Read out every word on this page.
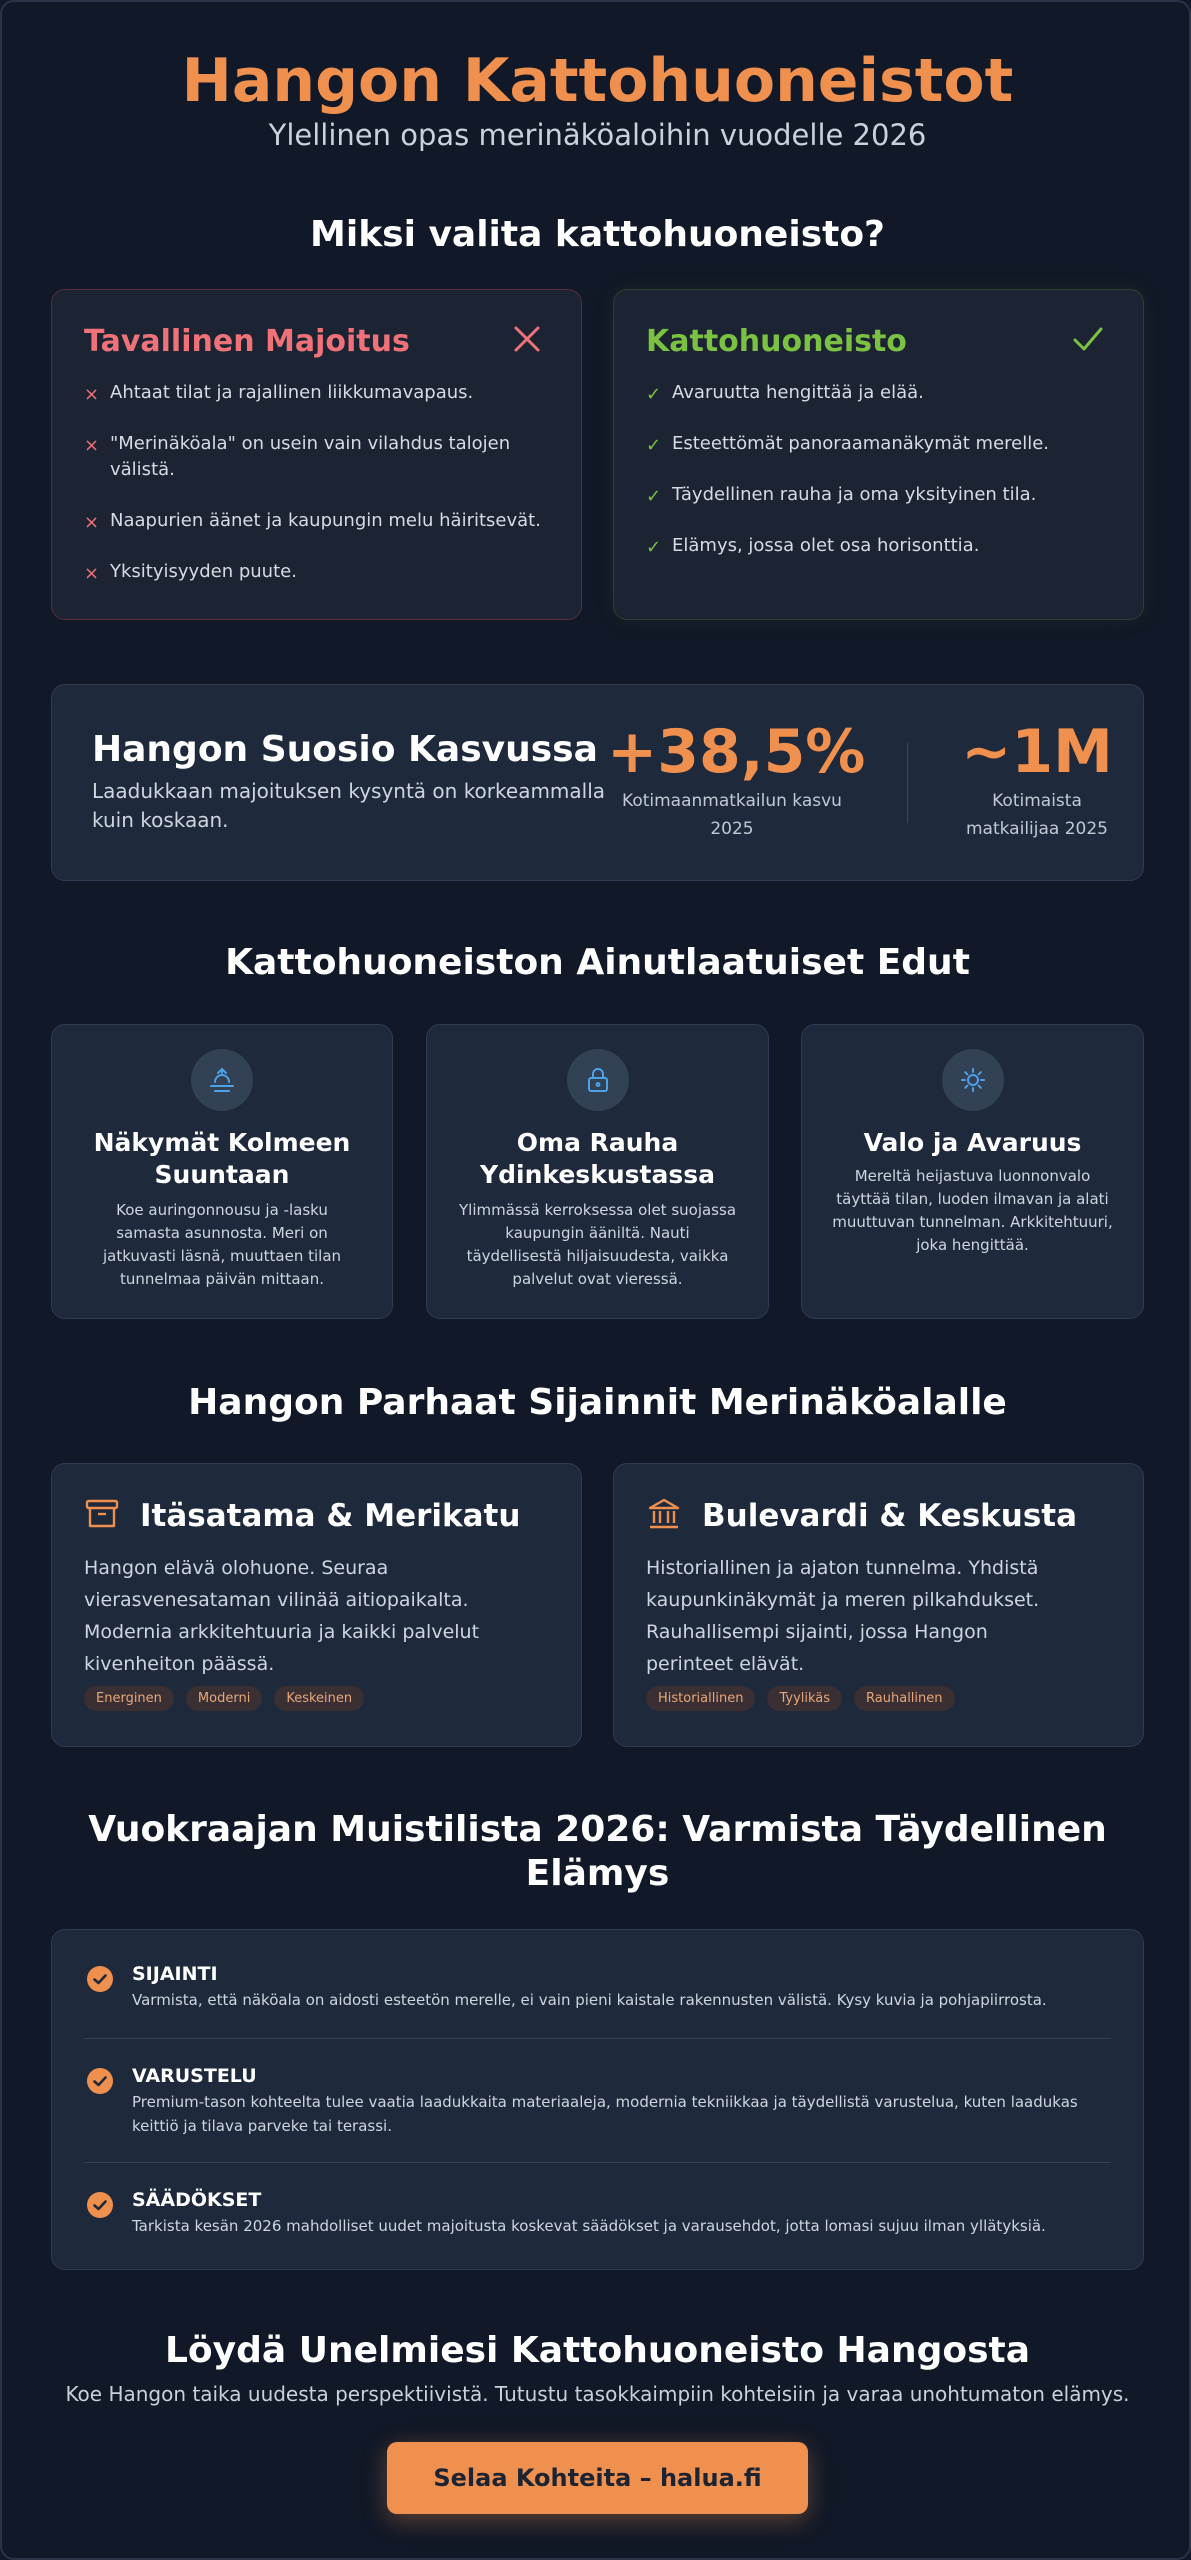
Hangon Kattohuoneistot
Ylellinen opas merinäköaloihin vuodelle 2026
Miksi valita kattohuoneisto?
Tavallinen Majoitus
× Ahtaat tilat ja rajallinen liikkumavapaus.
× "Merinäköala" on usein vain vilahdus talojen välistä.
× Naapurien äänet ja kaupungin melu häiritsevät.
× Yksityisyyden puute.
Kattohuoneisto
✓ Avaruutta hengittää ja elää.
✓ Esteettömät panoraamanäkymät merelle.
✓ Täydellinen rauha ja oma yksityinen tila.
✓ Elämys, jossa olet osa horisonttia.
Hangon Suosio Kasvussa
Laadukkaan majoituksen kysyntä on korkeammalla kuin koskaan.
+38,5%
Kotimaanmatkailun kasvu 2025
~1M
Kotimaista matkailijaa 2025
Kattohuoneiston Ainutlaatuiset Edut
Näkymät Kolmeen Suuntaan
Koe auringonnousu ja -lasku samasta asunnosta. Meri on jatkuvasti läsnä, muuttaen tilan tunnelmaa päivän mittaan.
Oma Rauha Ydinkeskustassa
Ylimmässä kerroksessa olet suojassa kaupungin ääniltä. Nauti täydellisestä hiljaisuudesta, vaikka palvelut ovat vieressä.
Valo ja Avaruus
Mereltä heijastuva luonnonvalo täyttää tilan, luoden ilmavan ja alati muuttuvan tunnelman. Arkkitehtuuri, joka hengittää.
Hangon Parhaat Sijainnit Merinäköalalle
Itäsatama & Merikatu
Hangon elävä olohuone. Seuraa vierasvenesataman vilinää aitiopaikalta. Modernia arkkitehtuuria ja kaikki palvelut kivenheiton päässä.
Energinen	Moderni	Keskeinen
Bulevardi & Keskusta
Historiallinen ja ajaton tunnelma. Yhdistä kaupunkinäkymät ja meren pilkahdukset. Rauhallisempi sijainti, jossa Hangon perinteet elävät.
Historiallinen	Tyylikäs	Rauhallinen
Vuokraajan Muistilista 2026: Varmista Täydellinen Elämys
SIJAINTI
Varmista, että näköala on aidosti esteetön merelle, ei vain pieni kaistale rakennusten välistä. Kysy kuvia ja pohjapiirrosta.
VARUSTELU
Premium-tason kohteelta tulee vaatia laadukkaita materiaaleja, modernia tekniikkaa ja täydellistä varustelua, kuten laadukas keittiö ja tilava parveke tai terassi.
SÄÄDÖKSET
Tarkista kesän 2026 mahdolliset uudet majoitusta koskevat säädökset ja varausehdot, jotta lomasi sujuu ilman yllätyksiä.
Löydä Unelmiesi Kattohuoneisto Hangosta
Koe Hangon taika uudesta perspektiivistä. Tutustu tasokkaimpiin kohteisiin ja varaa unohtumaton elämys.
Selaa Kohteita – halua.fi
